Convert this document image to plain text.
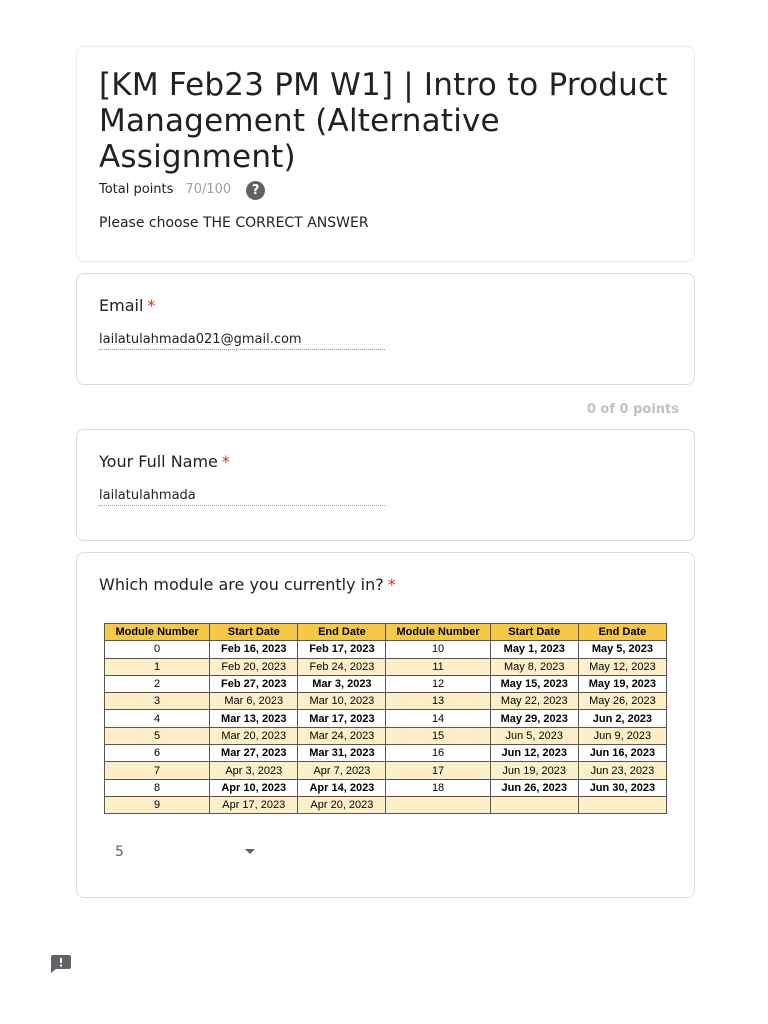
[KM Feb23 PM W1] | Intro to Product Management (Alternative Assignment)
Total points 70/100	?
Please choose THE CORRECT ANSWER
Email *
lailatulahmada021@gmail.com
0 of 0 points
Your Full Name *
lailatulahmada
Which module are you currently in? *
Module Number	Start Date	End Date	Module Number	Start Date	End Date
0	Feb 16, 2023	Feb 17, 2023	10	May 1, 2023	May 5, 2023
1	Feb 20, 2023	Feb 24, 2023	11	May 8, 2023	May 12, 2023
2	Feb 27, 2023	Mar 3, 2023	12	May 15, 2023	May 19, 2023
3	Mar 6, 2023	Mar 10, 2023	13	May 22, 2023	May 26, 2023
4	Mar 13, 2023	Mar 17, 2023	14	May 29, 2023	Jun 2, 2023
5	Mar 20, 2023	Mar 24, 2023	15	Jun 5, 2023	Jun 9, 2023
6	Mar 27, 2023	Mar 31, 2023	16	Jun 12, 2023	Jun 16, 2023
7	Apr 3, 2023	Apr 7, 2023	17	Jun 19, 2023	Jun 23, 2023
8	Apr 10, 2023	Apr 14, 2023	18	Jun 26, 2023	Jun 30, 2023
9	Apr 17, 2023	Apr 20, 2023			
5
